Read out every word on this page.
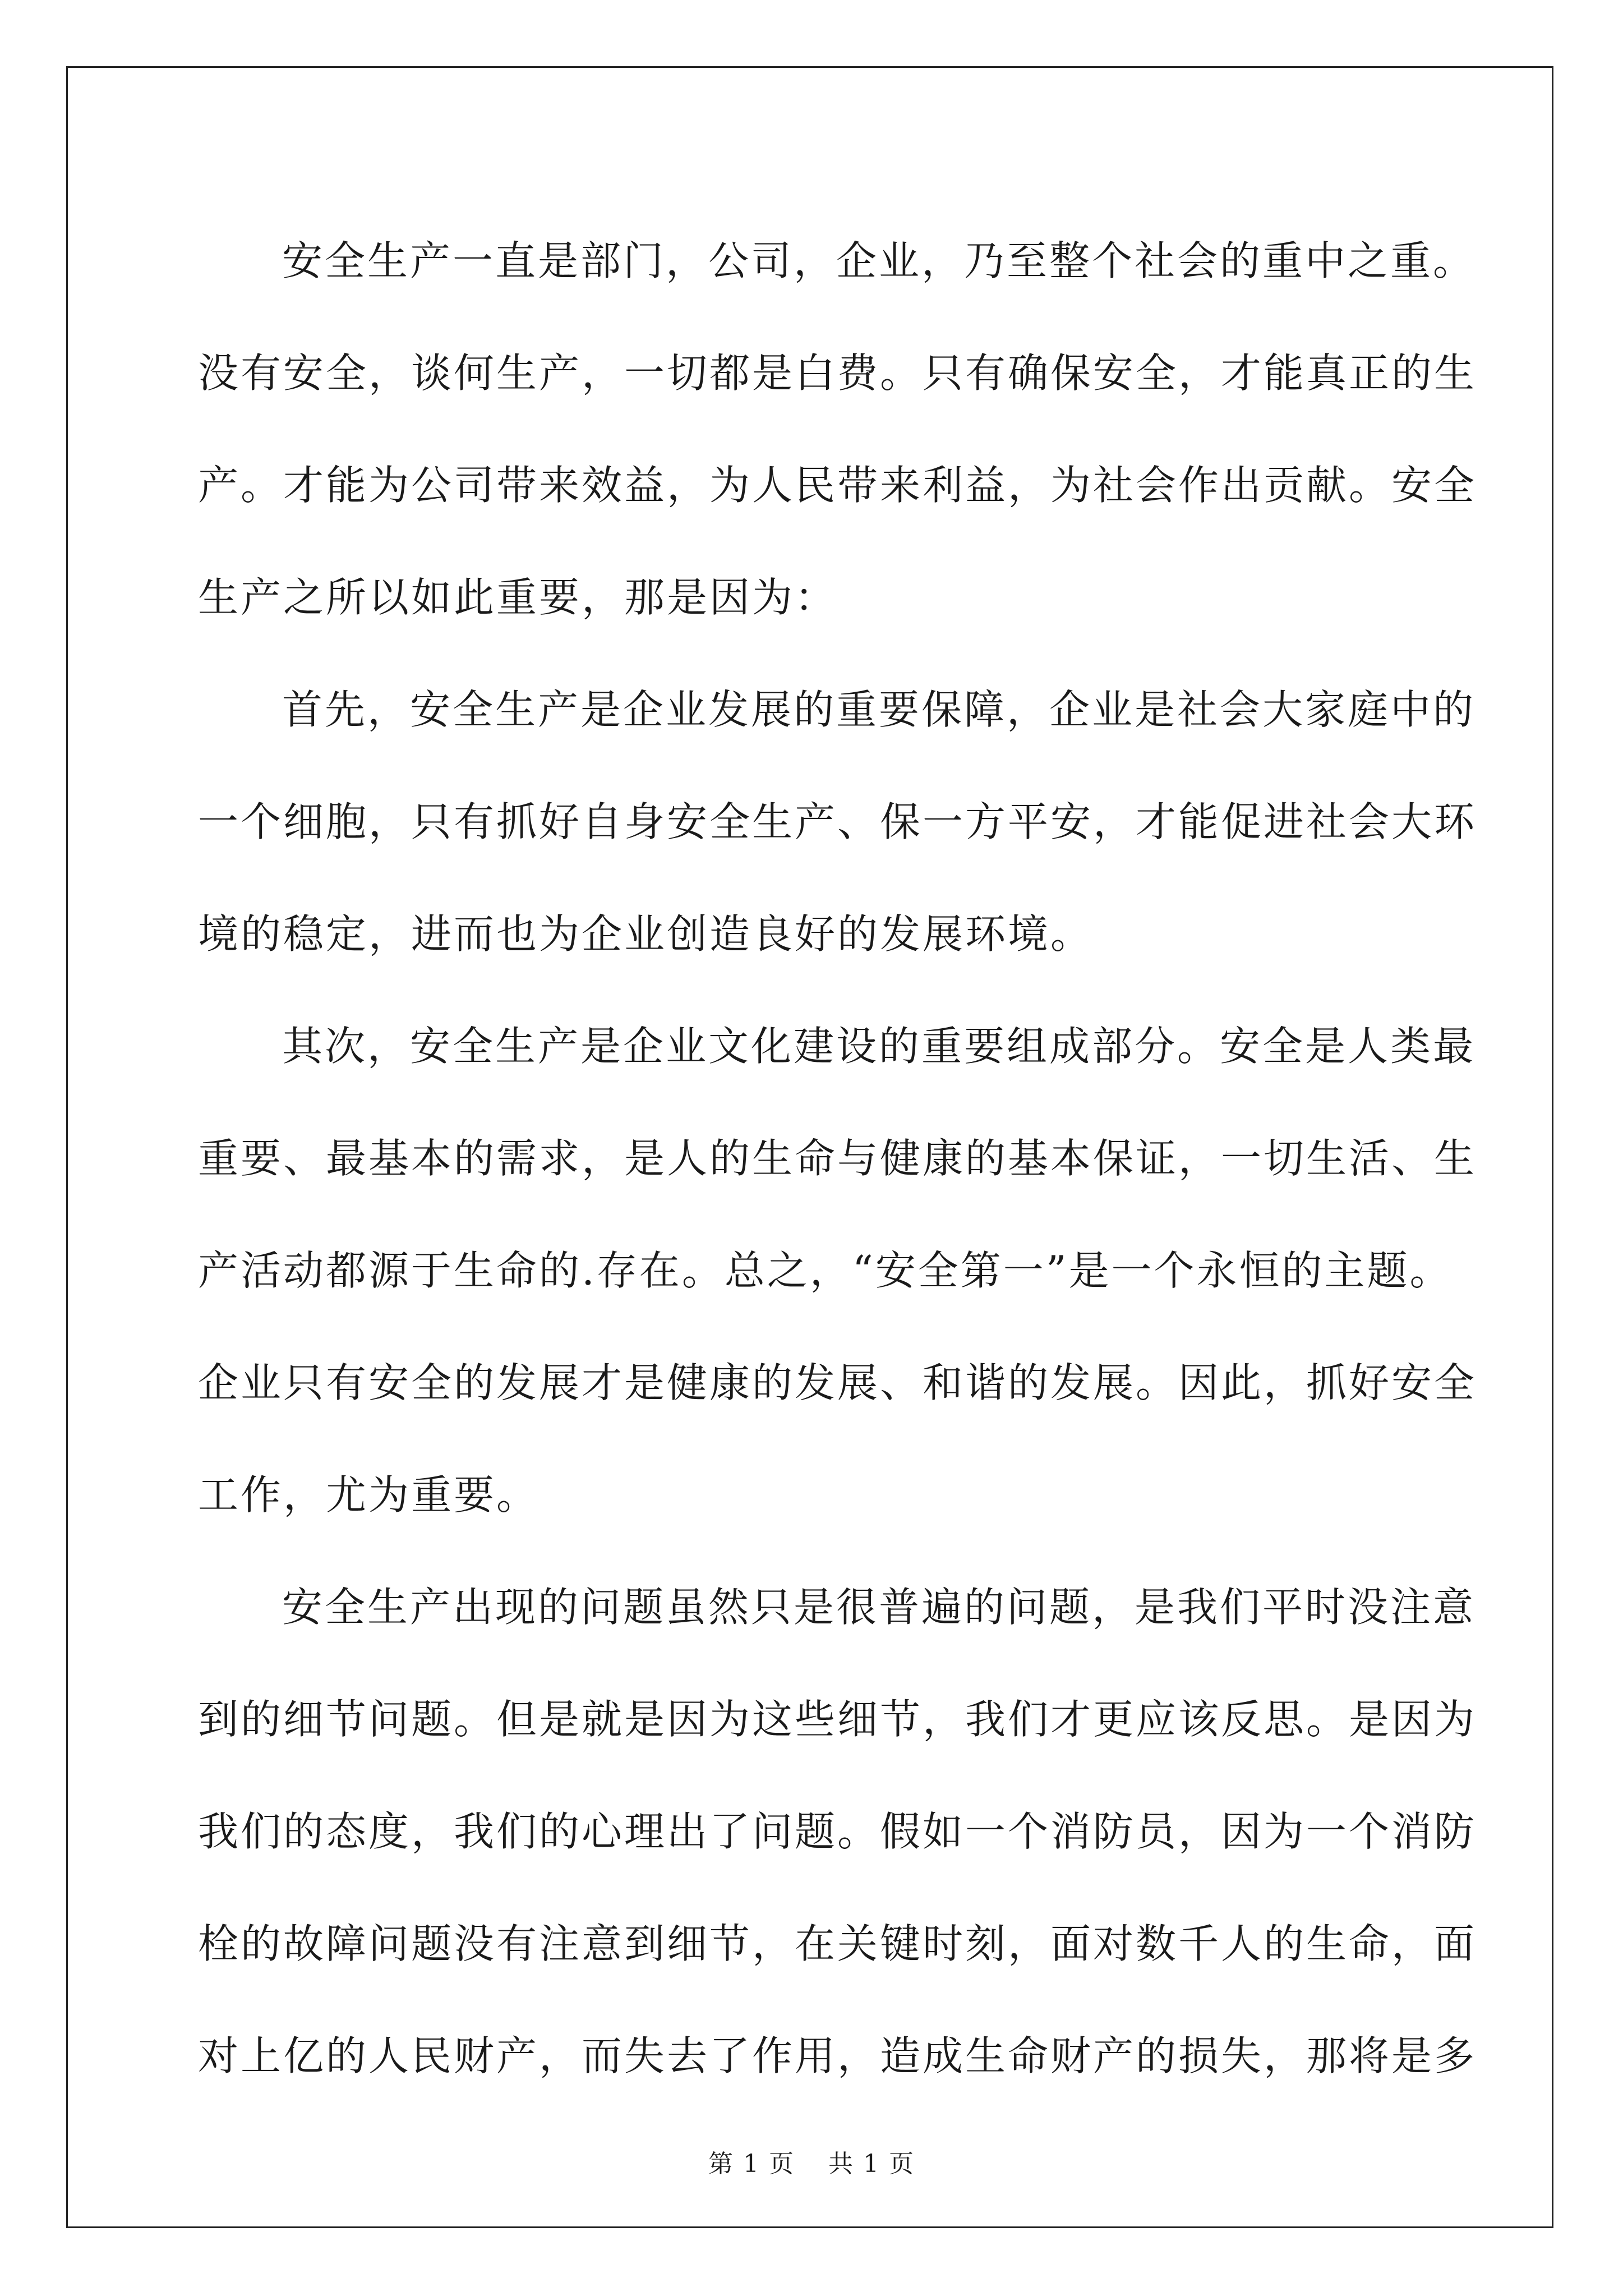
安全生产一直是部门，公司，企业，乃至整个社会的重中之重。
没有安全，谈何生产，一切都是白费。只有确保安全，才能真正的生
产。才能为公司带来效益，为人民带来利益，为社会作出贡献。安全
生产之所以如此重要，那是因为：
首先，安全生产是企业发展的重要保障，企业是社会大家庭中的
一个细胞，只有抓好自身安全生产、保一方平安，才能促进社会大环
境的稳定，进而也为企业创造良好的发展环境。
其次，安全生产是企业文化建设的重要组成部分。安全是人类最
重要、最基本的需求，是人的生命与健康的基本保证，一切生活、生
产活动都源于生命的.存在。总之，“安全第一”是一个永恒的主题。
企业只有安全的发展才是健康的发展、和谐的发展。因此，抓好安全
工作，尤为重要。
安全生产出现的问题虽然只是很普遍的问题，是我们平时没注意
到的细节问题。但是就是因为这些细节，我们才更应该反思。是因为
我们的态度，我们的心理出了问题。假如一个消防员，因为一个消防
栓的故障问题没有注意到细节，在关键时刻，面对数千人的生命，面
对上亿的人民财产，而失去了作用，造成生命财产的损失，那将是多
第 1 页 共 1 页
